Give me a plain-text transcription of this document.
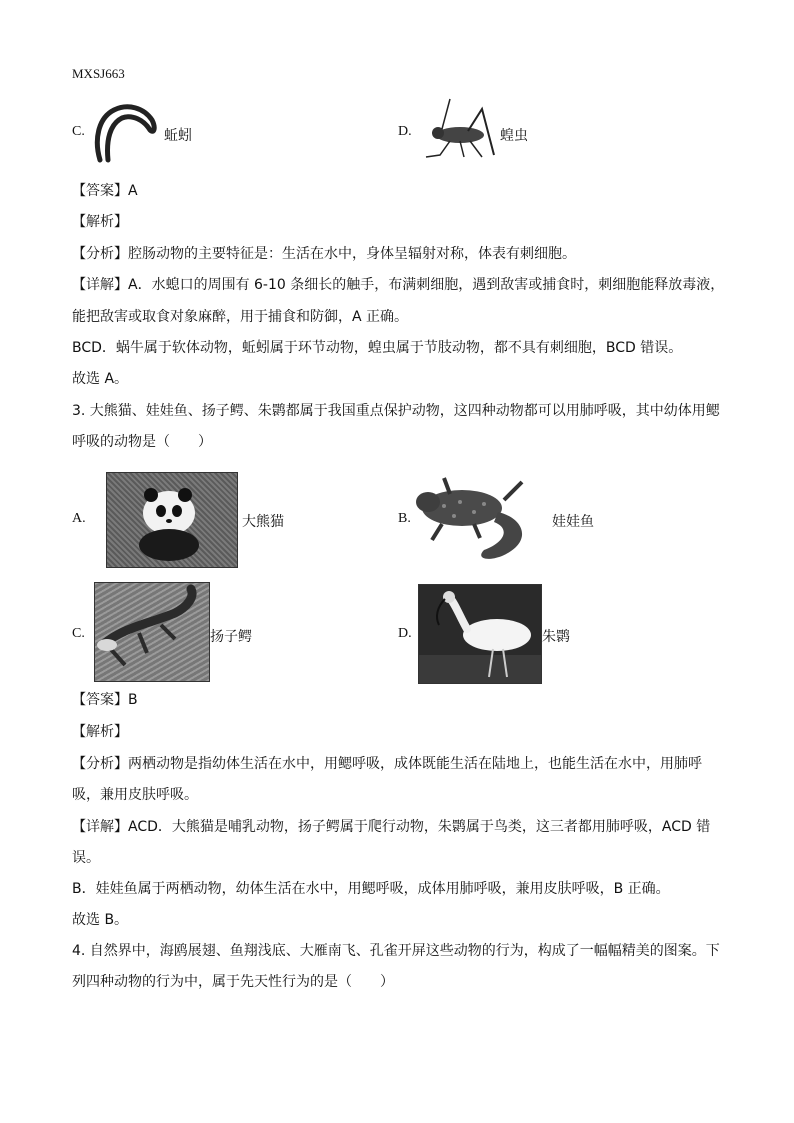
MXSJ663
C.	蚯蚓	D.	蝗虫
【答案】A
【解析】
【分析】腔肠动物的主要特征是：生活在水中，身体呈辐射对称，体表有刺细胞。
【详解】A．水螅口的周围有 6-10 条细长的触手，布满刺细胞，遇到敌害或捕食时，刺细胞能释放毒液，
能把敌害或取食对象麻醉，用于捕食和防御，A 正确。
BCD．蜗牛属于软体动物，蚯蚓属于环节动物，蝗虫属于节肢动物，都不具有刺细胞，BCD 错误。
故选 A。
3. 大熊猫、娃娃鱼、扬子鳄、朱鹮都属于我国重点保护动物，这四种动物都可以用肺呼吸，其中幼体用鳃
呼吸的动物是（　　）
A.	大熊猫	B.	娃娃鱼
C.	扬子鳄	D.	朱鹮
【答案】B
【解析】
【分析】两栖动物是指幼体生活在水中，用鳃呼吸，成体既能生活在陆地上，也能生活在水中，用肺呼
吸，兼用皮肤呼吸。
【详解】ACD．大熊猫是哺乳动物，扬子鳄属于爬行动物，朱鹮属于鸟类，这三者都用肺呼吸，ACD 错
误。
B．娃娃鱼属于两栖动物，幼体生活在水中，用鳃呼吸，成体用肺呼吸，兼用皮肤呼吸，B 正确。
故选 B。
4. 自然界中，海鸥展翅、鱼翔浅底、大雁南飞、孔雀开屏这些动物的行为，构成了一幅幅精美的图案。下
列四种动物的行为中，属于先天性行为的是（　　）
